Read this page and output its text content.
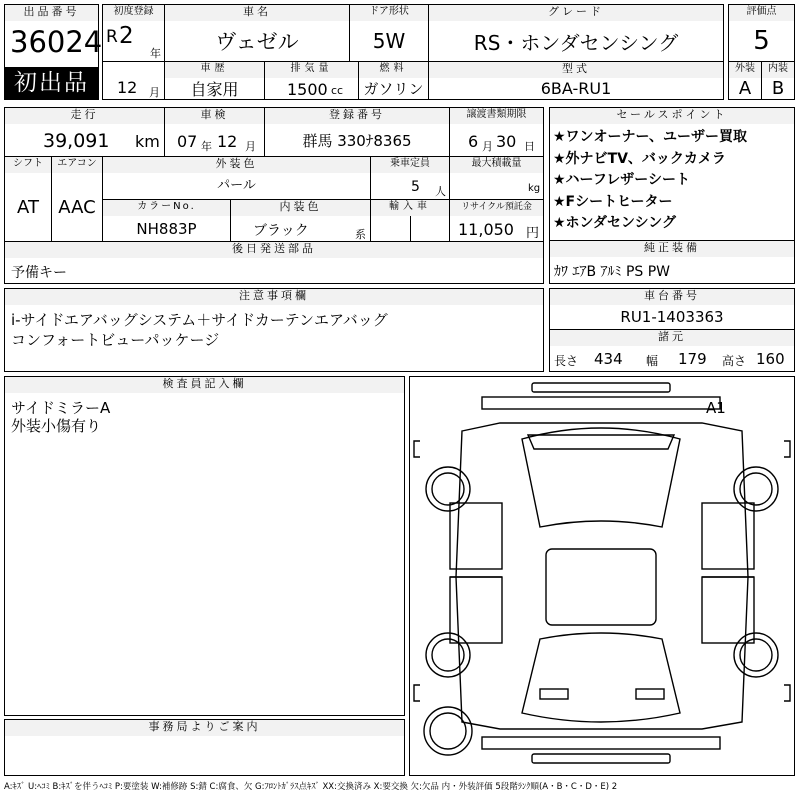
出品番号
36024
初出品
初度登録
R 2
年
車名
ヴェゼル
ドア形状
5W
グレード
RS・ホンダセンシング
評価点
5
12 月
車歴
自家用
排気量
1500 cc
燃料
ガソリン
型式
6BA-RU1
外装
A
内装
B
走行
39,091 km
車検
07 年 12 月
登録番号
群馬 330ﾅ8365
譲渡書類期限
6 月 30 日
シフト
AT
エアコン
AAC
外装色
パール
乗車定員
5 人
最大積載量
kg
カラーNo.
NH883P
内装色
ブラック	系
輸入車	リサイクル預託金
11,050 円
後日発送部品
予備キー
セールスポイント
★ワンオーナー、ユーザー買取
★外ナビTV、バックカメラ
★ハーフレザーシート
★Fシートヒーター
★ホンダセンシング
純正装備
ｶﾜ ｴｱB ｱﾙﾐ PS PW
注意事項欄
i-サイドエアバッグシステム＋サイドカーテンエアバッグ
コンフォートビューパッケージ
車台番号
RU1-1403363
諸元
長さ 434 幅 179 高さ 160
検査員記入欄
サイドミラーA
外装小傷有り
事務局よりご案内
A1
A:ｷｽﾞ U:ﾍｺﾐ B:ｷｽﾞを伴うﾍｺﾐ P:要塗装 W:補修跡 S:錆 C:腐食、欠 G:ﾌﾛﾝﾄｶﾞﾗｽ点ｷｽﾞ XX:交換済み X:要交換 欠:欠品 内・外装評価 5段階ﾗﾝｸ順(A・B・C・D・E) 2
